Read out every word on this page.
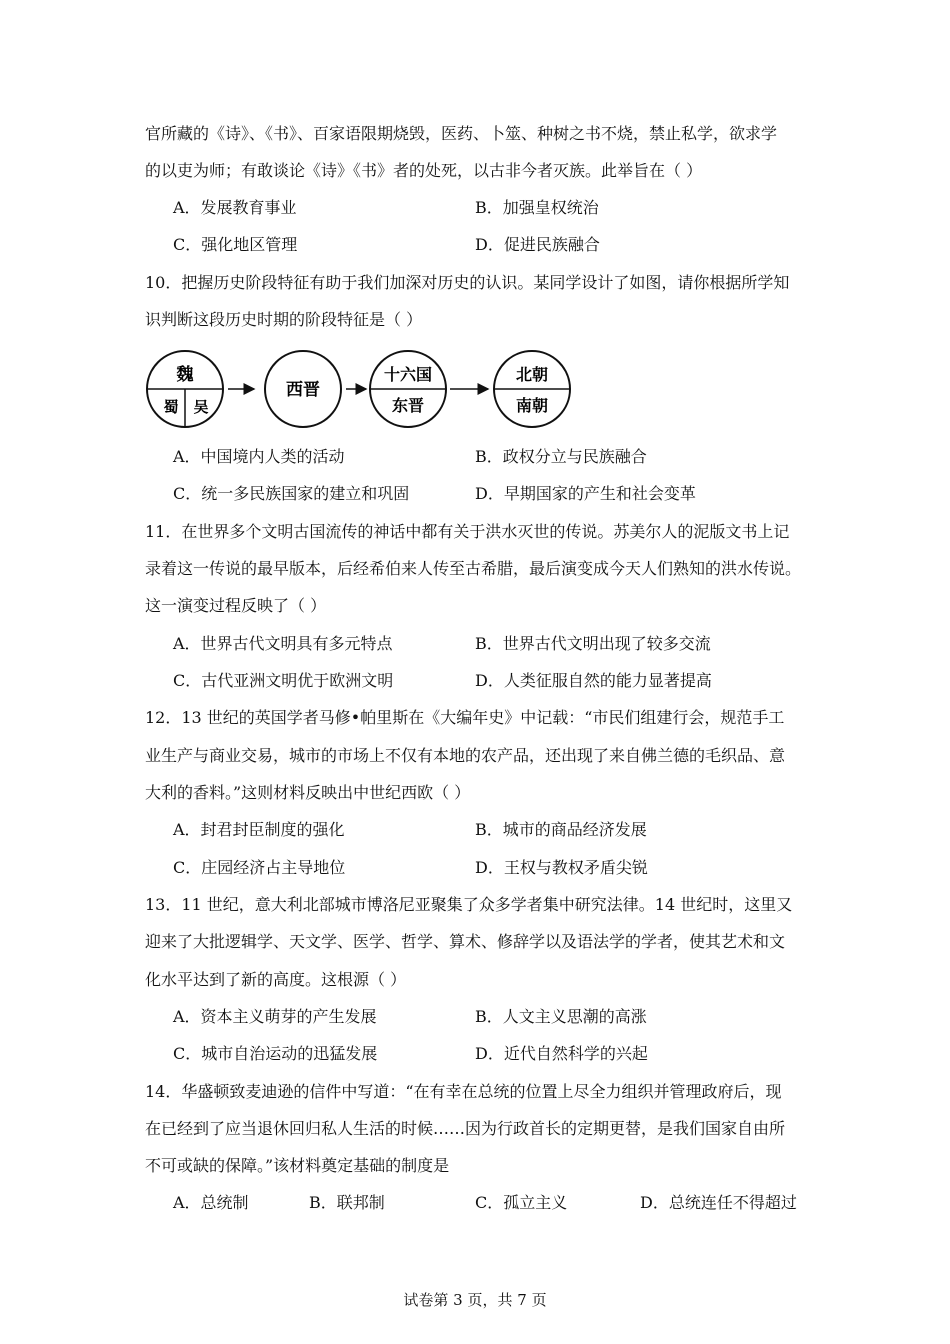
官所藏的《诗》、《书》、百家语限期烧毁，医药、卜筮、种树之书不烧，禁止私学，欲求学
的以吏为师；有敢谈论《诗》《书》者的处死，以古非今者灭族。此举旨在（ ）
A．发展教育事业	B．加强皇权统治
C．强化地区管理	D．促进民族融合
10．把握历史阶段特征有助于我们加深对历史的认识。某同学设计了如图，请你根据所学知
识判断这段历史时期的阶段特征是（ ）
魏
蜀 吴
西晋
十六国
东晋
北朝
南朝
A．中国境内人类的活动	B．政权分立与民族融合
C．统一多民族国家的建立和巩固	D．早期国家的产生和社会变革
11．在世界多个文明古国流传的神话中都有关于洪水灭世的传说。苏美尔人的泥版文书上记
录着这一传说的最早版本，后经希伯来人传至古希腊，最后演变成今天人们熟知的洪水传说。
这一演变过程反映了（ ）
A．世界古代文明具有多元特点	B．世界古代文明出现了较多交流
C．古代亚洲文明优于欧洲文明	D．人类征服自然的能力显著提高
12．13 世纪的英国学者马修•帕里斯在《大编年史》中记载：“市民们组建行会，规范手工
业生产与商业交易，城市的市场上不仅有本地的农产品，还出现了来自佛兰德的毛织品、意
大利的香料。”这则材料反映出中世纪西欧（ ）
A．封君封臣制度的强化	B．城市的商品经济发展
C．庄园经济占主导地位	D．王权与教权矛盾尖锐
13．11 世纪，意大利北部城市博洛尼亚聚集了众多学者集中研究法律。14 世纪时，这里又
迎来了大批逻辑学、天文学、医学、哲学、算术、修辞学以及语法学的学者，使其艺术和文
化水平达到了新的高度。这根源（ ）
A．资本主义萌芽的产生发展	B．人文主义思潮的高涨
C．城市自治运动的迅猛发展	D．近代自然科学的兴起
14．华盛顿致麦迪逊的信件中写道：“在有幸在总统的位置上尽全力组织并管理政府后，现
在已经到了应当退休回归私人生活的时候……因为行政首长的定期更替，是我们国家自由所
不可或缺的保障。”该材料奠定基础的制度是
A．总统制	B．联邦制	C．孤立主义	D．总统连任不得超过
试卷第 3 页，共 7 页
